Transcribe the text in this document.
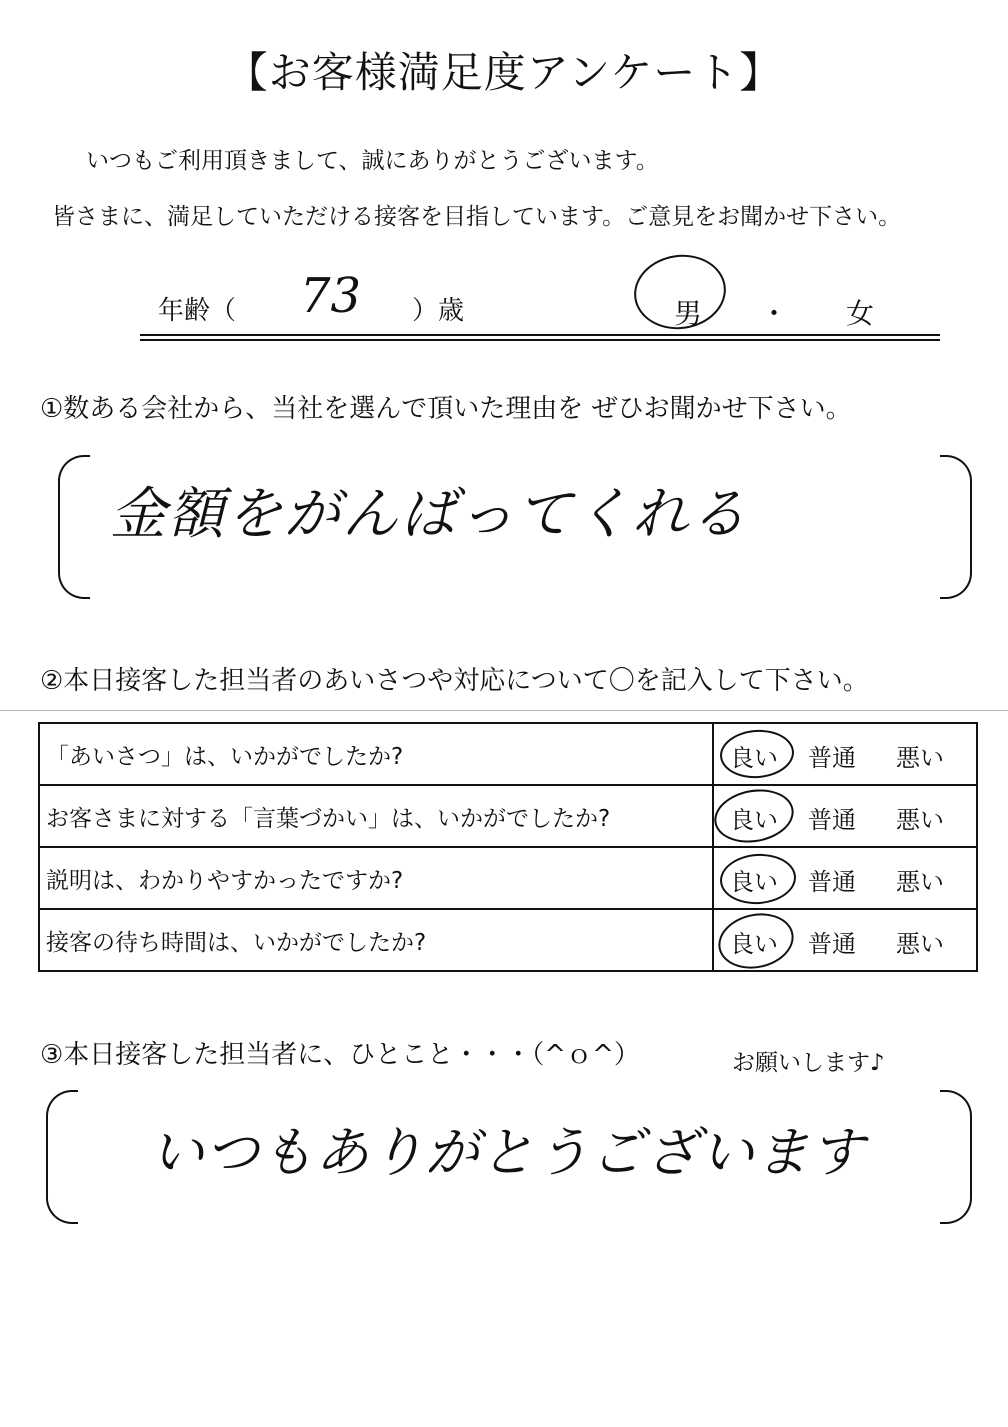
【お客様満足度アンケート】
いつもご利用頂きまして、誠にありがとうございます。
皆さまに、満足していただける接客を目指しています。ご意見をお聞かせ下さい。
年齢（ 73 ）歳	男 ・ 女
①数ある会社から、当社を選んで頂いた理由を ぜひお聞かせ下さい。
金額をがんばってくれる
②本日接客した担当者のあいさつや対応について〇を記入して下さい。
「あいさつ」は、いかがでしたか?	良い 普通 悪い

お客さまに対する「言葉づかい」は、いかがでしたか?	良い 普通 悪い

説明は、わかりやすかったですか?	良い 普通 悪い

接客の待ち時間は、いかがでしたか?	良い 普通 悪い
③本日接客した担当者に、ひとこと・・・（^ｏ^）	お願いします♪
いつもありがとうございます
